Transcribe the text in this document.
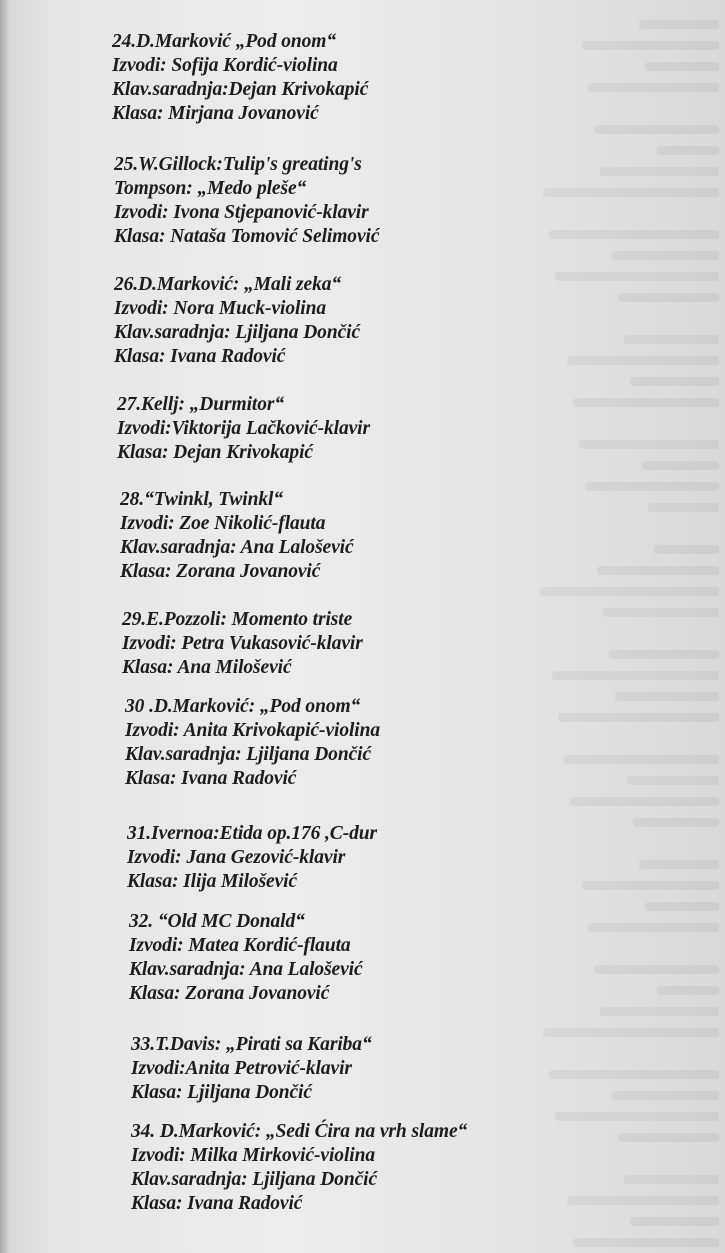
24.D.Marković „Pod onom“
Izvodi: Sofija Kordić-violina
Klav.saradnja:Dejan Krivokapić
Klasa: Mirjana Jovanović
25.W.Gillock:Tulip's greating's
Tompson: „Medo pleše“
Izvodi: Ivona Stjepanović-klavir
Klasa: Nataša Tomović Selimović
26.D.Marković: „Mali zeka“
Izvodi: Nora Muck-violina
Klav.saradnja: Ljiljana Dončić
Klasa: Ivana Radović
27.Kellj: „Durmitor“
Izvodi:Viktorija Lačković-klavir
Klasa: Dejan Krivokapić
28.“Twinkl, Twinkl“
Izvodi: Zoe Nikolić-flauta
Klav.saradnja: Ana Lalošević
Klasa: Zorana Jovanović
29.E.Pozzoli: Momento triste
Izvodi: Petra Vukasović-klavir
Klasa: Ana Milošević
30 .D.Marković: „Pod onom“
Izvodi: Anita Krivokapić-violina
Klav.saradnja: Ljiljana Dončić
Klasa: Ivana Radović
31.Ivernoa:Etida op.176 ,C-dur
Izvodi: Jana Gezović-klavir
Klasa: Ilija Milošević
32. “Old MC Donald“
Izvodi: Matea Kordić-flauta
Klav.saradnja: Ana Lalošević
Klasa: Zorana Jovanović
33.T.Davis: „Pirati sa Kariba“
Izvodi:Anita Petrović-klavir
Klasa: Ljiljana Dončić
34. D.Marković: „Sedi Ćira na vrh slame“
Izvodi: Milka Mirković-violina
Klav.saradnja: Ljiljana Dončić
Klasa: Ivana Radović
